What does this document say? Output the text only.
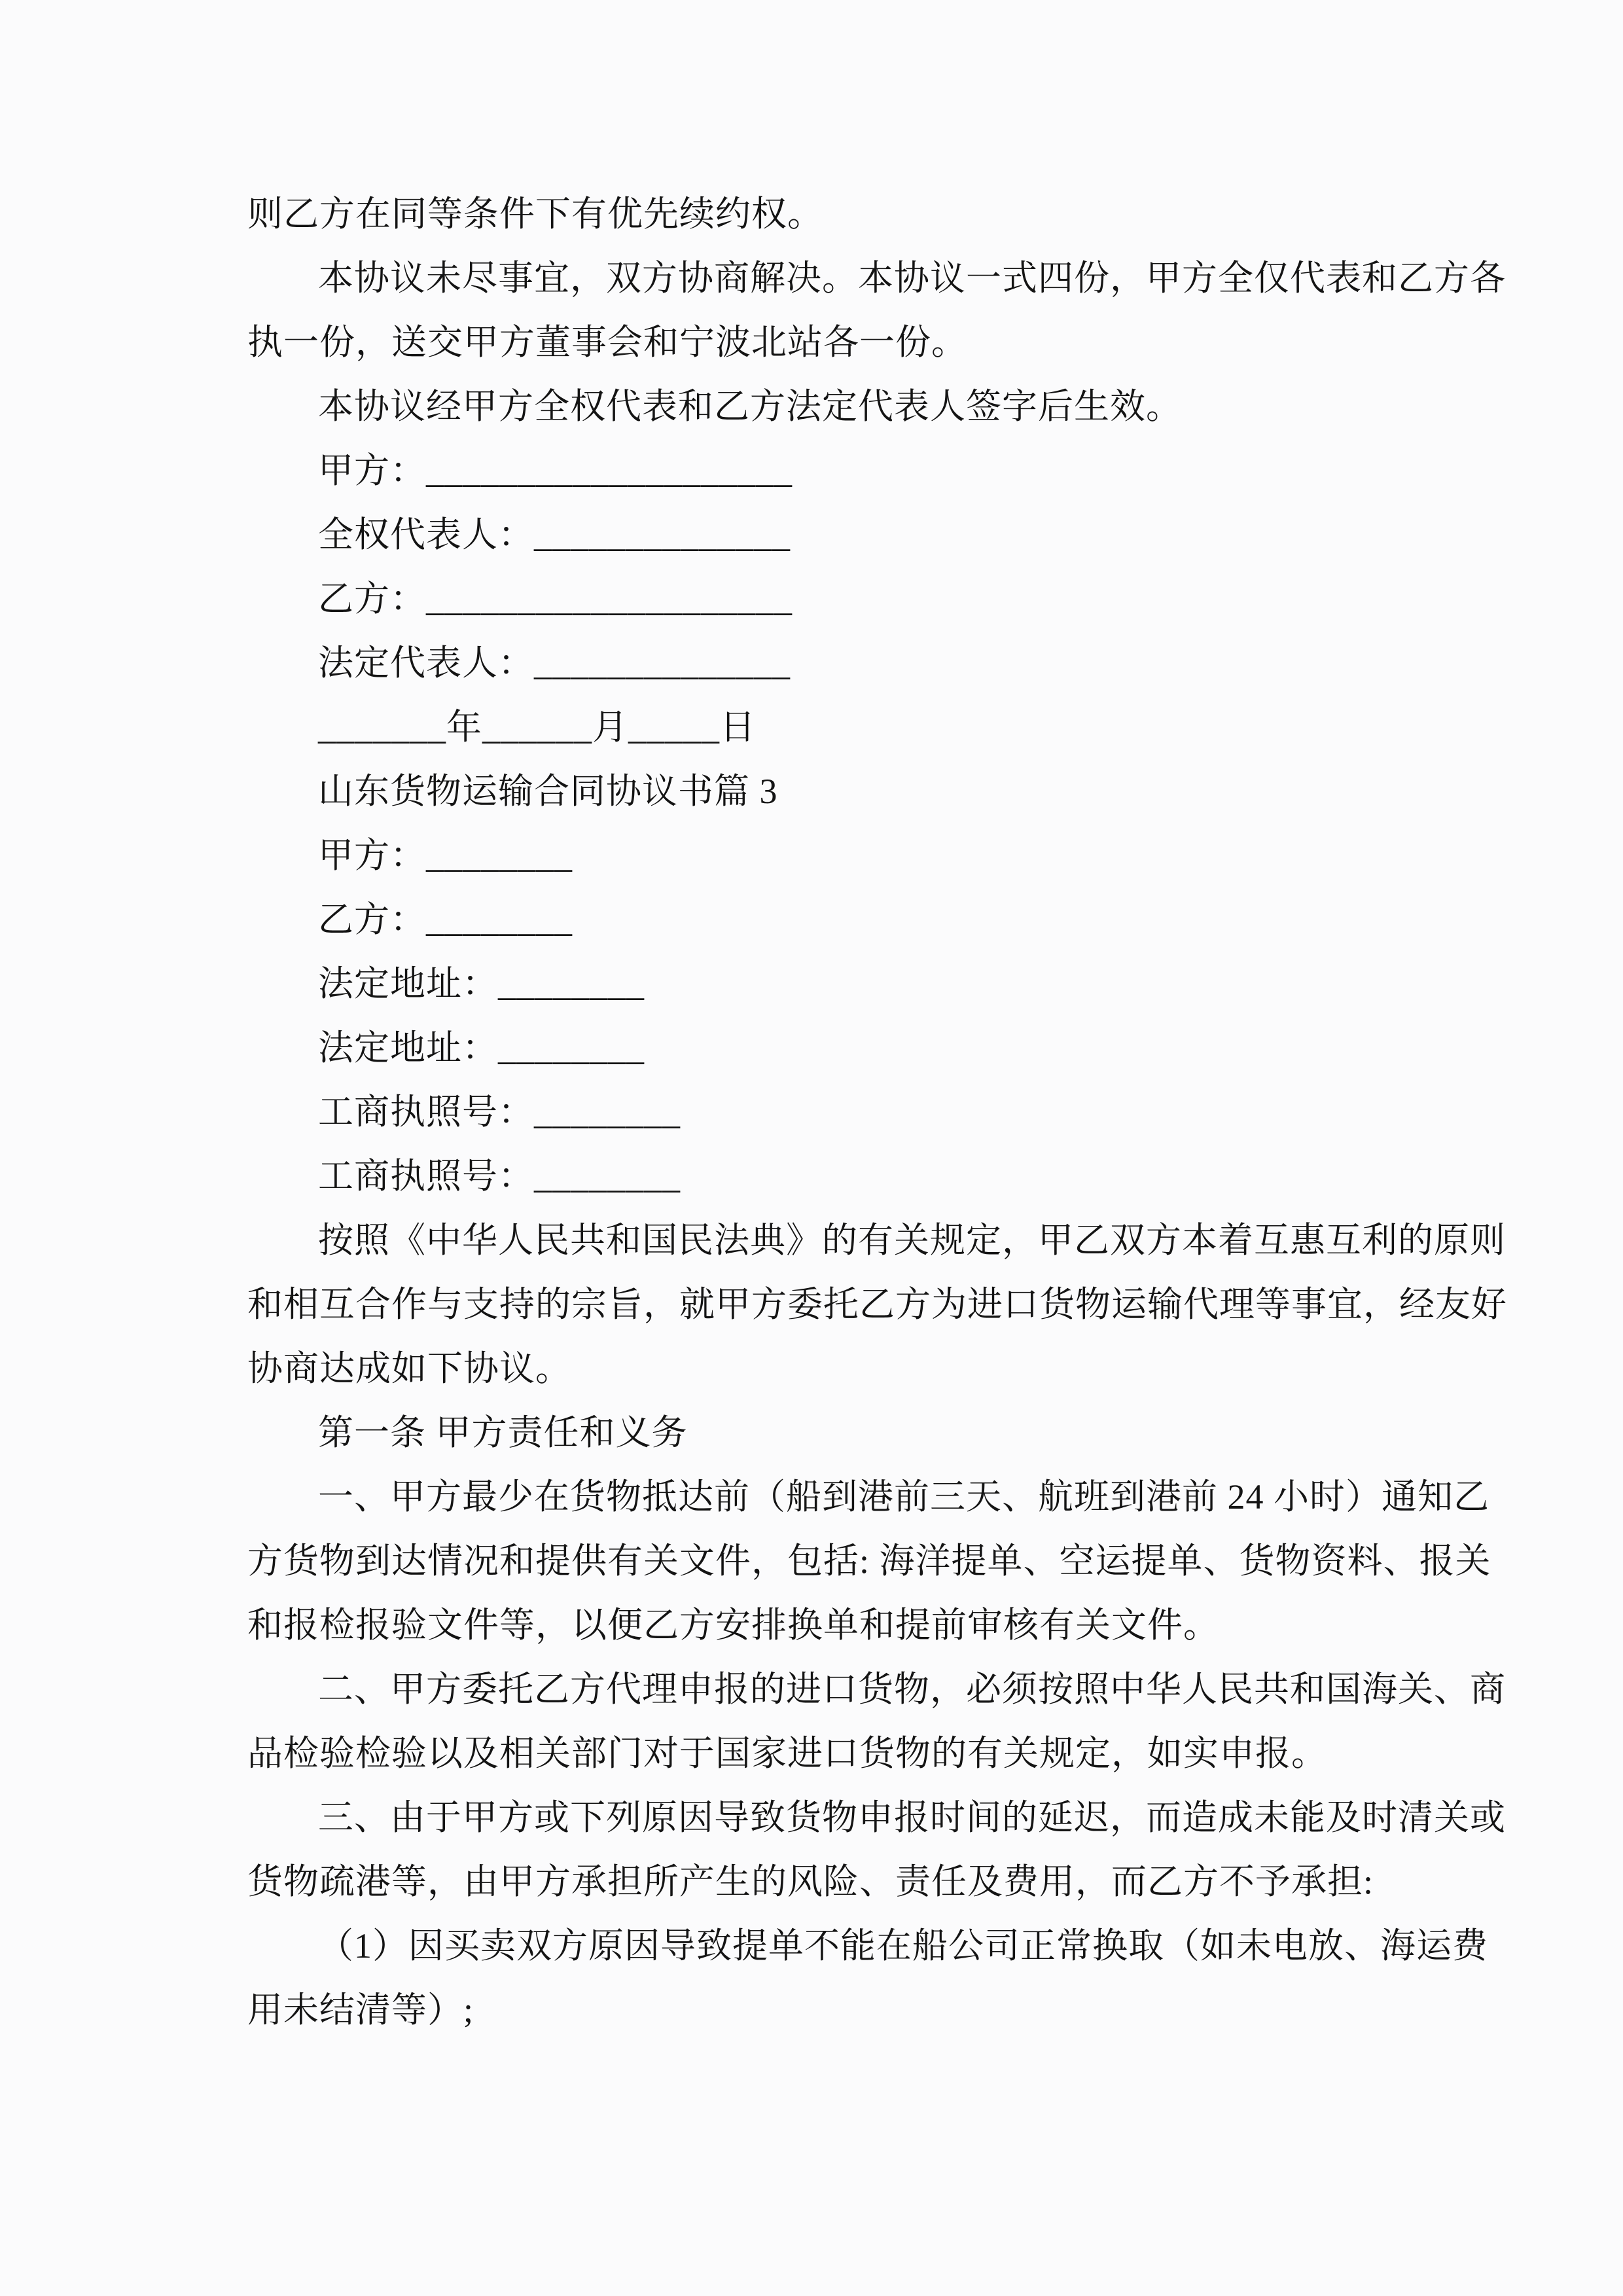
则乙方在同等条件下有优先续约权。
本协议未尽事宜，双方协商解决。本协议一式四份，甲方全仅代表和乙方各
执一份，送交甲方董事会和宁波北站各一份。
本协议经甲方全权代表和乙方法定代表人签字后生效。
甲方：____________________
全权代表人：______________
乙方：____________________
法定代表人：______________
_______年______月_____日
山东货物运输合同协议书篇 3
甲方：________
乙方：________
法定地址：________
法定地址：________
工商执照号：________
工商执照号：________
按照《中华人民共和国民法典》的有关规定，甲乙双方本着互惠互利的原则
和相互合作与支持的宗旨，就甲方委托乙方为进口货物运输代理等事宜，经友好
协商达成如下协议。
第一条 甲方责任和义务
一、甲方最少在货物抵达前（船到港前三天、航班到港前 24 小时）通知乙
方货物到达情况和提供有关文件，包括: 海洋提单、空运提单、货物资料、报关
和报检报验文件等，以便乙方安排换单和提前审核有关文件。
二、甲方委托乙方代理申报的进口货物，必须按照中华人民共和国海关、商
品检验检验以及相关部门对于国家进口货物的有关规定，如实申报。
三、由于甲方或下列原因导致货物申报时间的延迟，而造成未能及时清关或
货物疏港等，由甲方承担所产生的风险、责任及费用，而乙方不予承担:
（1）因买卖双方原因导致提单不能在船公司正常换取（如未电放、海运费
用未结清等）;
